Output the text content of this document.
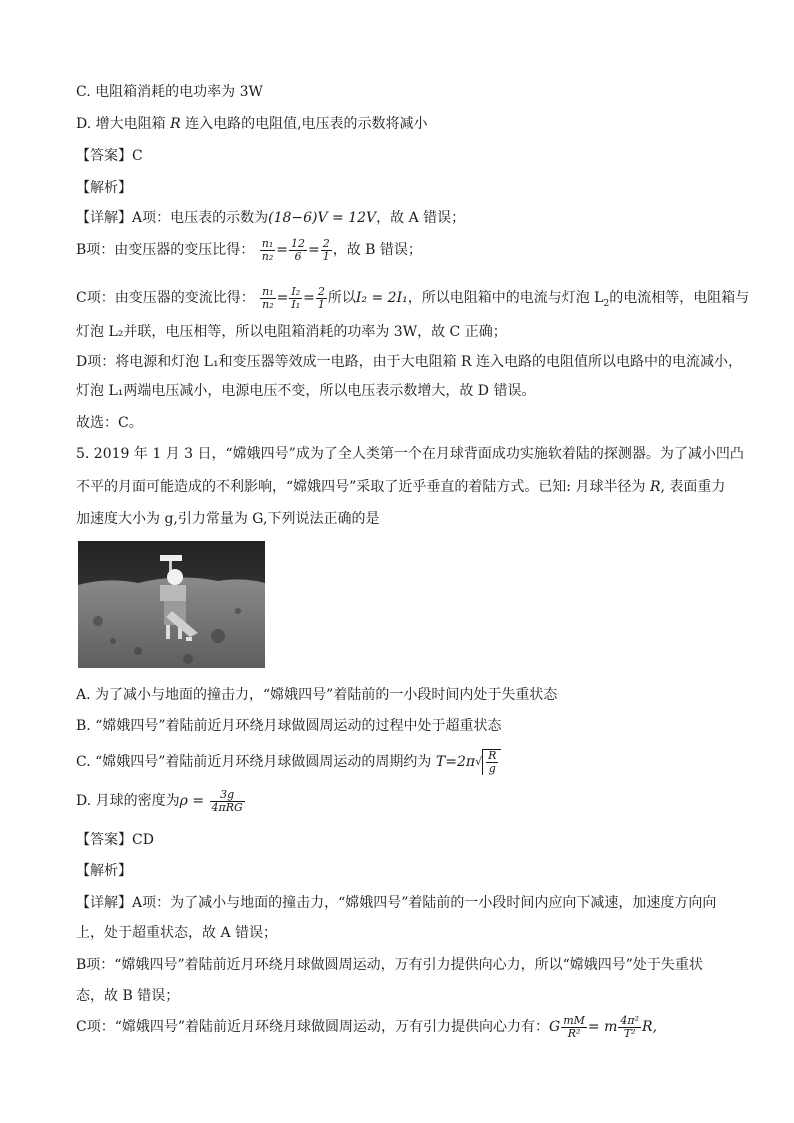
C. 电阻箱消耗的电功率为 3W
D. 增大电阻箱 R 连入电路的电阻值,电压表的示数将减小
【答案】C
【解析】
【详解】A项：电压表的示数为(18−6)V = 12V，故 A 错误；
B项：由变压器的变压比得： $\frac{\text{n₁}}{\text{n₂}} = \frac{12}{6} = \frac{2}{1}$ ，故 B 错误；
C项：由变压器的变流比得： $\frac{\text{n₁}}{\text{n₂}} = \frac{\text{I₂}}{\text{I₁}} = \frac{2}{1}$ 所以I₂ = 2I₁，所以电阻箱中的电流与灯泡 $L_2$的电流相等，电阻箱与
灯泡 L₂并联，电压相等，所以电阻箱消耗的功率为 3W，故 C 正确；
D项：将电源和灯泡 L₁和变压器等效成一电路，由于大电阻箱 R 连入电路的电阻值所以电路中的电流减小，
灯泡 L₁两端电压减小，电源电压不变，所以电压表示数增大，故 D 错误。
故选：C。
5. 2019 年 1 月 3 日，“嫦娥四号”成为了全人类第一个在月球背面成功实施软着陆的探测器。为了减小凹凸
不平的月面可能造成的不利影响，“嫦娥四号”采取了近乎垂直的着陆方式。已知: 月球半径为 R, 表面重力
加速度大小为 g,引力常量为 G,下列说法正确的是
A. 为了减小与地面的撞击力，“嫦娥四号”着陆前的一小段时间内处于失重状态
B. “嫦娥四号”着陆前近月环绕月球做圆周运动的过程中处于超重状态
C. “嫦娥四号”着陆前近月环绕月球做圆周运动的周期约为 $T=2\pi√ \frac{R}{g}$
D. 月球的密度为$\rho = \frac{3g}{\text{4πRG}}$
【答案】CD
【解析】
【详解】A项：为了减小与地面的撞击力，“嫦娥四号”着陆前的一小段时间内应向下减速，加速度方向向
上，处于超重状态，故 A 错误；
B项：“嫦娥四号”着陆前近月环绕月球做圆周运动，万有引力提供向心力，所以“嫦娥四号”处于失重状
态，故 B 错误；
C项：“嫦娥四号”着陆前近月环绕月球做圆周运动，万有引力提供向心力有：G $\frac{mM}{\text{R²}} = m \frac{\text{4π²}}{\text{T²}} R$,
